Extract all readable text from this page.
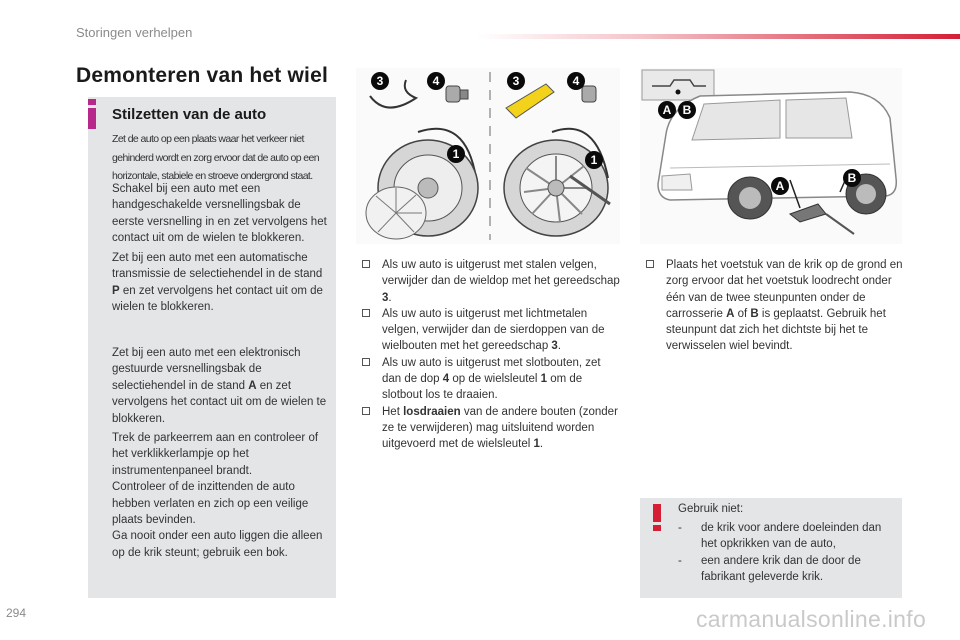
Storingen verhelpen
Demonteren van het wiel
Stilzetten van de auto
Zet de auto op een plaats waar het verkeer niet
gehinderd wordt en zorg ervoor dat de auto op een
horizontale, stabiele en stroeve ondergrond staat.
Schakel bij een auto met een handgeschakelde versnellingsbak de eerste versnelling in en zet vervolgens het contact uit om de wielen te blokkeren.
Zet bij een auto met een automatische transmissie de selectiehendel in de stand P en zet vervolgens het contact uit om de wielen te blokkeren.
Zet bij een auto met een elektronisch gestuurde versnellingsbak de selectiehendel in de stand A en zet vervolgens het contact uit om de wielen te blokkeren.
Trek de parkeerrem aan en controleer of het verklikkerlampje op het instrumentenpaneel brandt.
Controleer of de inzittenden de auto hebben verlaten en zich op een veilige plaats bevinden.
Ga nooit onder een auto liggen die alleen op de krik steunt; gebruik een bok.
3	4
1
3	4
1
A B
A
B
Als uw auto is uitgerust met stalen velgen, verwijder dan de wieldop met het gereedschap 3.
Als uw auto is uitgerust met lichtmetalen velgen, verwijder dan de sierdoppen van de wielbouten met het gereedschap 3.
Als uw auto is uitgerust met slotbouten, zet dan de dop 4 op de wielsleutel 1 om de slotbout los te draaien.
Het losdraaien van de andere bouten (zonder ze te verwijderen) mag uitsluitend worden uitgevoerd met de wielsleutel 1.
Plaats het voetstuk van de krik op de grond en zorg ervoor dat het voetstuk loodrecht onder één van de twee steunpunten onder de carrosserie A of B is geplaatst. Gebruik het steunpunt dat zich het dichtste bij het te verwisselen wiel bevindt.
Gebruik niet:
- de krik voor andere doeleinden dan het opkrikken van de auto,
- een andere krik dan de door de fabrikant geleverde krik.
294	carmanualsonline.info
